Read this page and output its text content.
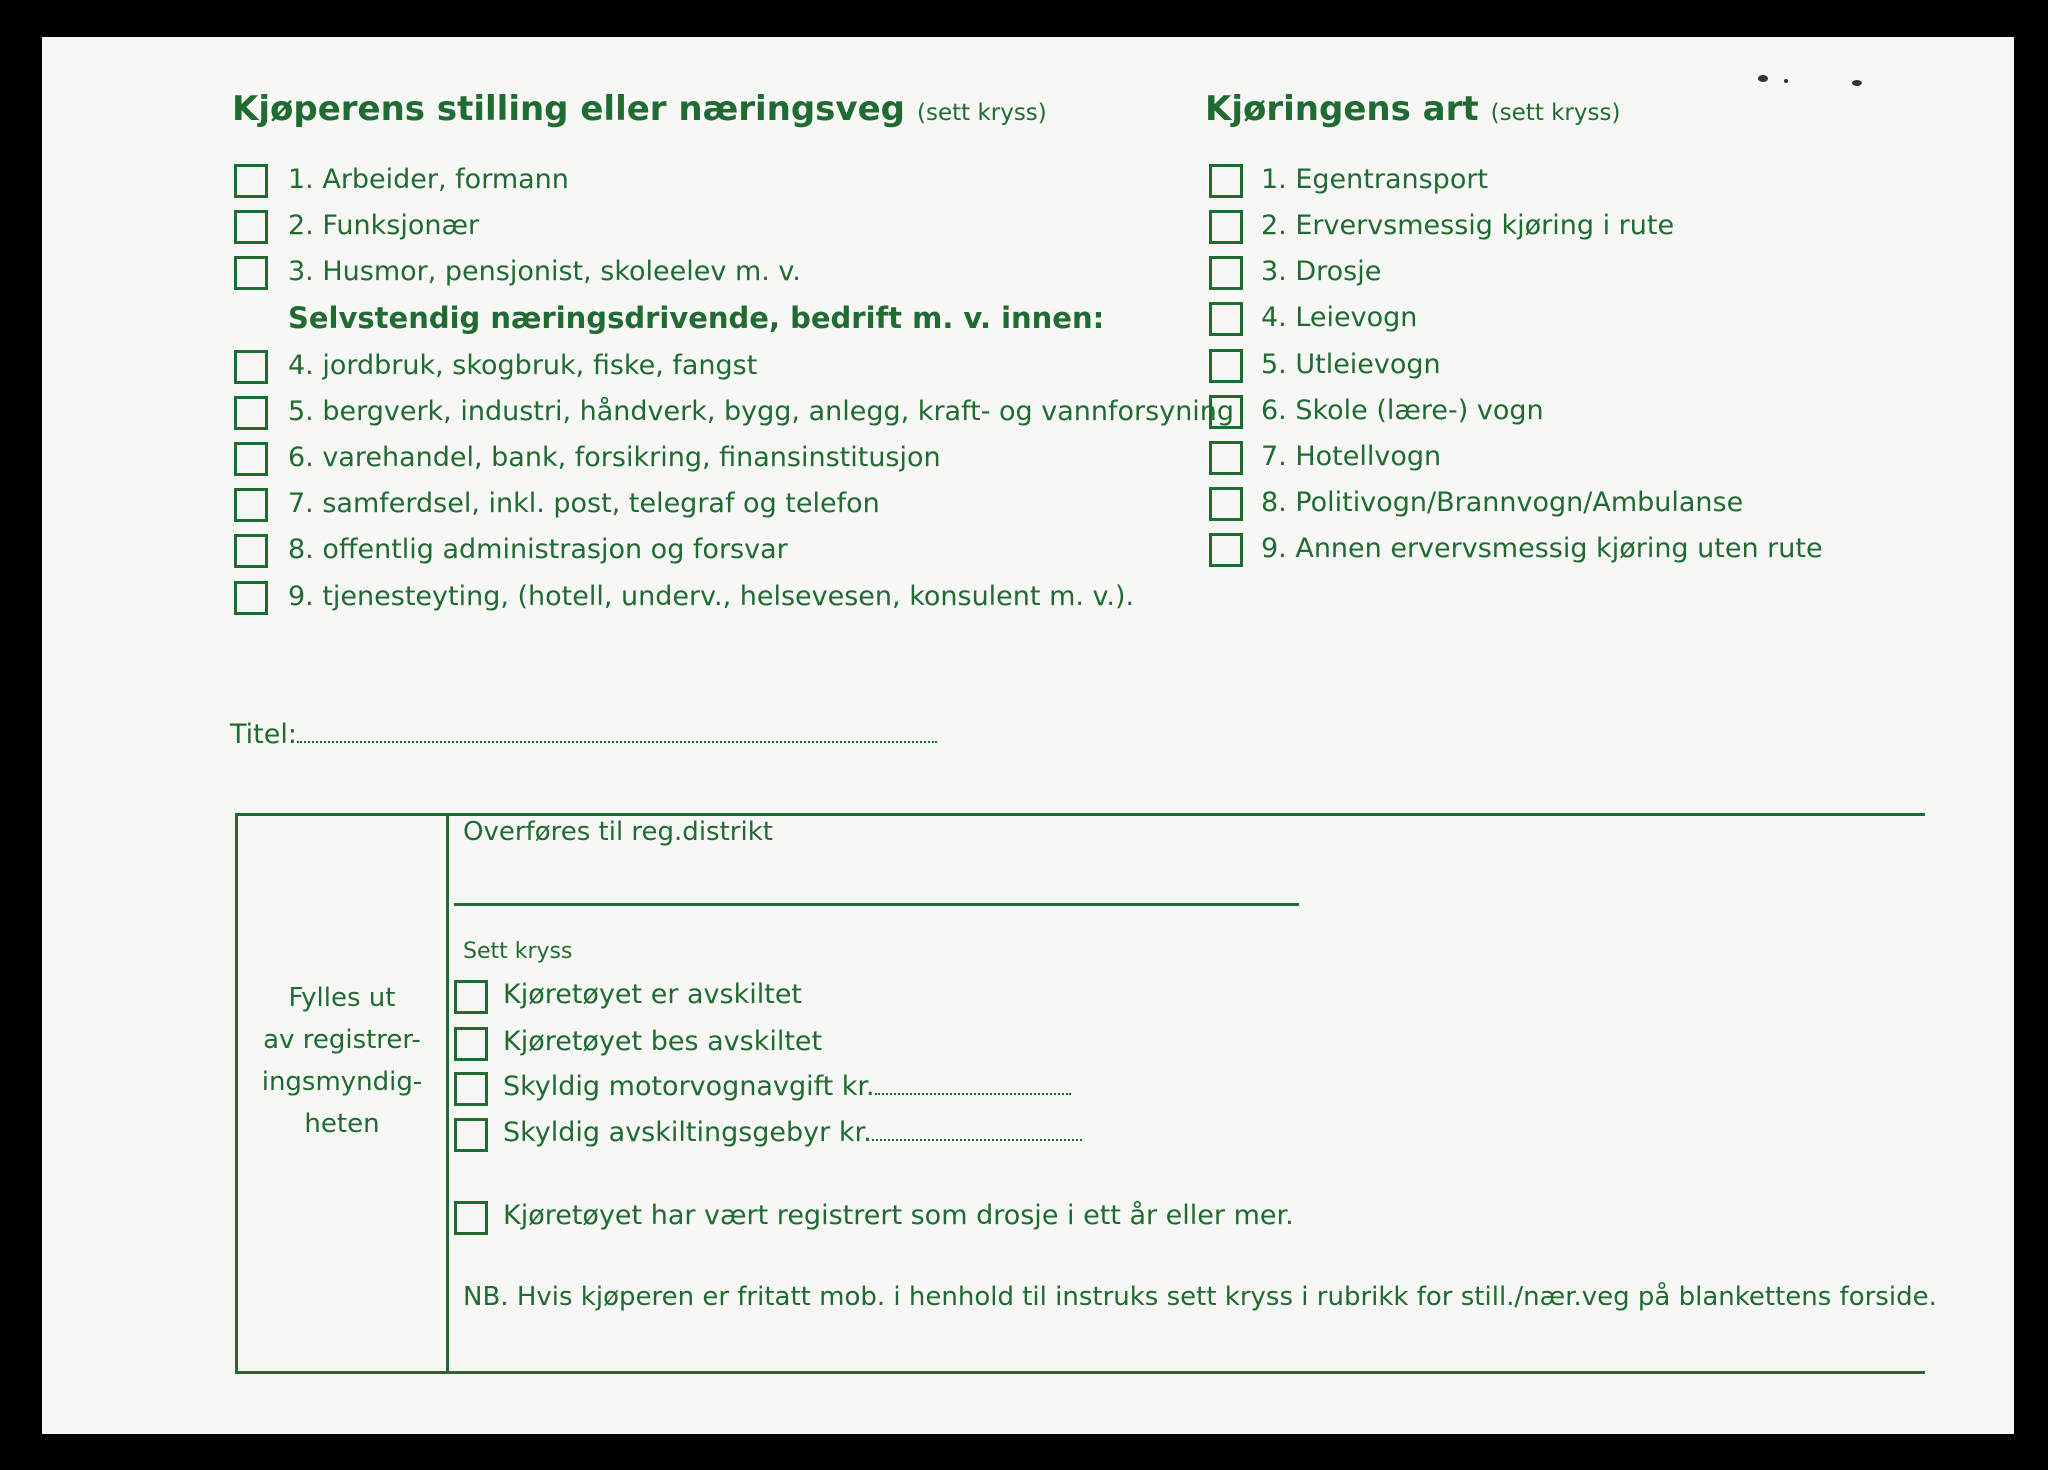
Kjøperens stilling eller næringsveg (sett kryss)
1. Arbeider, formann
2. Funksjonær
3. Husmor, pensjonist, skoleelev m. v.
Selvstendig næringsdrivende, bedrift m. v. innen:
4. jordbruk, skogbruk, fiske, fangst
5. bergverk, industri, håndverk, bygg, anlegg, kraft- og vannforsyning
6. varehandel, bank, forsikring, finansinstitusjon
7. samferdsel, inkl. post, telegraf og telefon
8. offentlig administrasjon og forsvar
9. tjenesteyting, (hotell, underv., helsevesen, konsulent m. v.).
Kjøringens art (sett kryss)
1. Egentransport
2. Ervervsmessig kjøring i rute
3. Drosje
4. Leievogn
5. Utleievogn
6. Skole (lære-) vogn
7. Hotellvogn
8. Politivogn/Brannvogn/Ambulanse
9. Annen ervervsmessig kjøring uten rute
Titel:
Fylles ut
av registrer-
ingsmyndig-
heten
Overføres til reg.distrikt
Sett kryss
Kjøretøyet er avskiltet
Kjøretøyet bes avskiltet
Skyldig motorvognavgift kr.
Skyldig avskiltingsgebyr kr.
Kjøretøyet har vært registrert som drosje i ett år eller mer.
NB. Hvis kjøperen er fritatt mob. i henhold til instruks sett kryss i rubrikk for still./nær.veg på blankettens forside.
